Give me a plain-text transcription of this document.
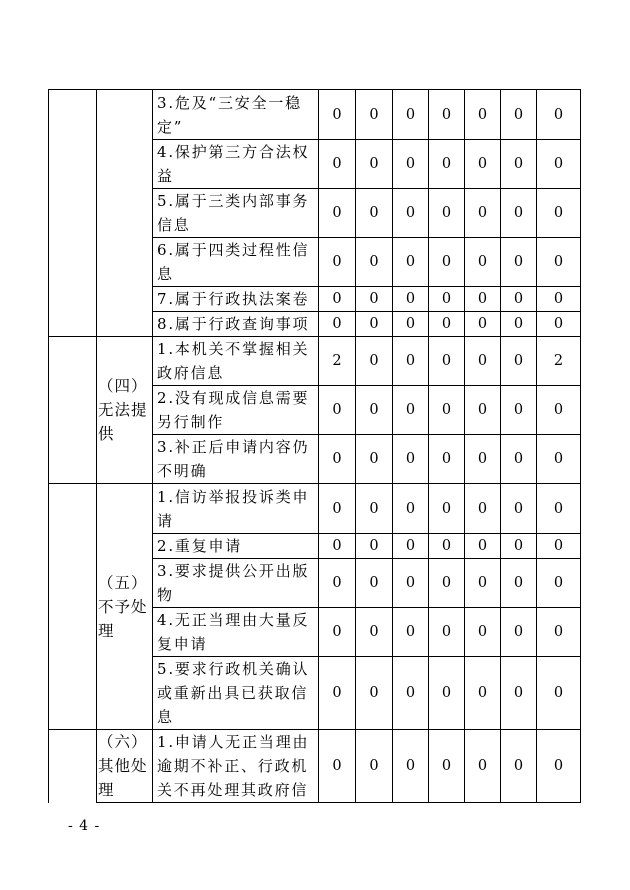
		3.危及“三安全一稳定”	0	0	0	0	0	0	0
		4.保护第三方合法权益	0	0	0	0	0	0	0
		5.属于三类内部事务信息	0	0	0	0	0	0	0
		6.属于四类过程性信息	0	0	0	0	0	0	0
		7.属于行政执法案卷	0	0	0	0	0	0	0
		8.属于行政查询事项	0	0	0	0	0	0	0
	（四）无法提供	1.本机关不掌握相关政府信息	2	0	0	0	0	0	2
		2.没有现成信息需要另行制作	0	0	0	0	0	0	0
		3.补正后申请内容仍不明确	0	0	0	0	0	0	0
	（五）不予处理	1.信访举报投诉类申请	0	0	0	0	0	0	0
		2.重复申请	0	0	0	0	0	0	0
		3.要求提供公开出版物	0	0	0	0	0	0	0
		4.无正当理由大量反复申请	0	0	0	0	0	0	0
		5.要求行政机关确认或重新出具已获取信息	0	0	0	0	0	0	0
	（六）其他处理	1.申请人无正当理由逾期不补正、行政机关不再处理其政府信	0	0	0	0	0	0	0
- 4 -
